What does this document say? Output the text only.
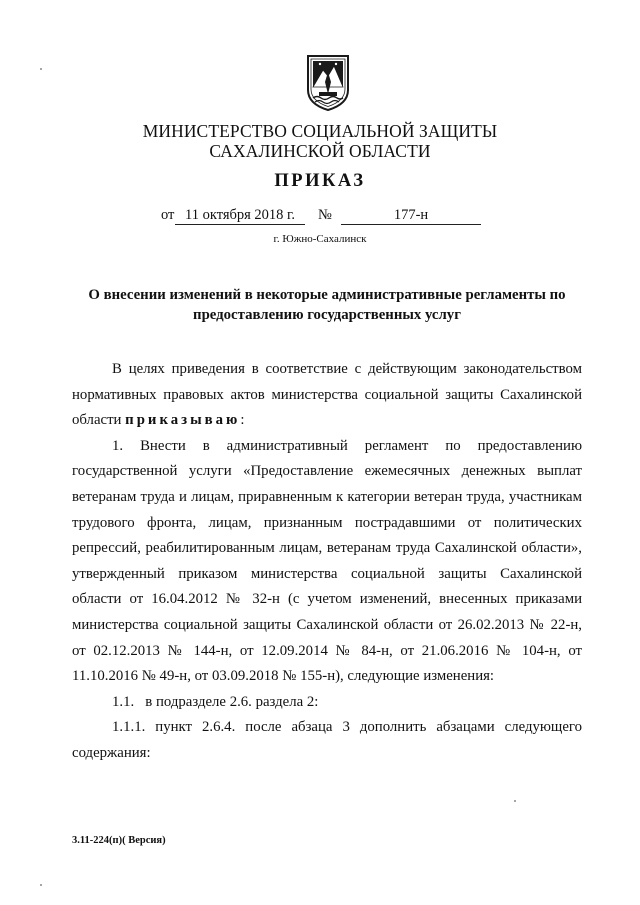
МИНИСТЕРСТВО СОЦИАЛЬНОЙ ЗАЩИТЫ
САХАЛИНСКОЙ ОБЛАСТИ
ПРИКАЗ
от 11 октября 2018 г.	№	177-н
г. Южно-Сахалинск
О внесении изменений в некоторые административные регламенты по предоставлению государственных услуг

В целях приведения в соответствие с действующим законодательством нормативных правовых актов министерства социальной защиты Сахалинской области приказываю:

1. Внести в административный регламент по предоставлению государственной услуги «Предоставление ежемесячных денежных выплат ветеранам труда и лицам, приравненным к категории ветеран труда, участникам трудового фронта, лицам, признанным пострадавшими от политических репрессий, реабилитированным лицам, ветеранам труда Сахалинской области», утвержденный приказом министерства социальной защиты Сахалинской области от 16.04.2012 № 32-н (с учетом изменений, внесенных приказами министерства социальной защиты Сахалинской области от 26.02.2013 № 22-н, от 02.12.2013 № 144-н, от 12.09.2014 № 84-н, от 21.06.2016 № 104-н, от 11.10.2016 № 49-н, от 03.09.2018 № 155-н), следующие изменения:

1.1.   в подразделе 2.6. раздела 2:

1.1.1. пункт 2.6.4. после абзаца 3 дополнить абзацами следующего содержания:

3.11-224(п)( Версия)
